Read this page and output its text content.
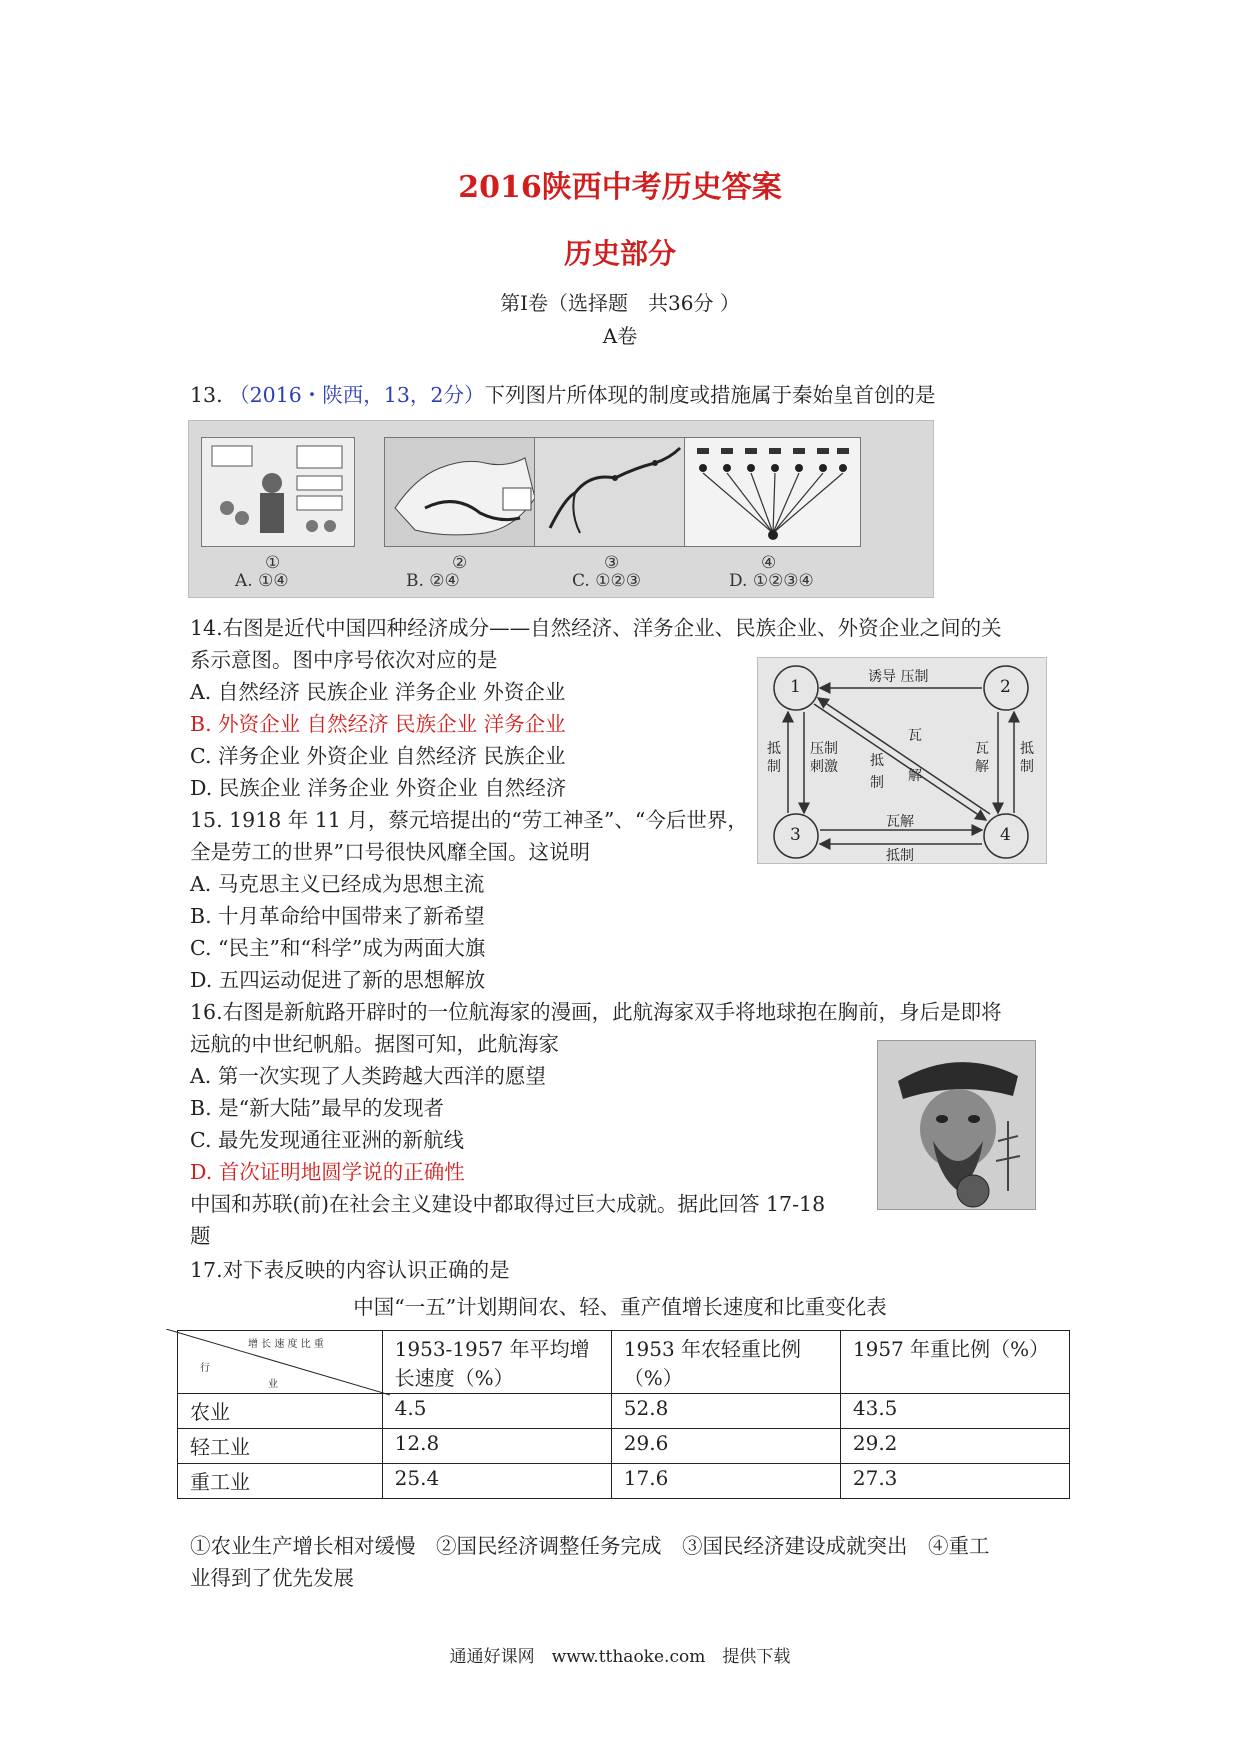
2016陕西中考历史答案
历史部分
第Ⅰ卷（选择题　共36分 ）
A卷
13. （2016・陕西，13，2分）下列图片所体现的制度或措施属于秦始皇首创的是
①	②	③	④
A. ①④	B. ②④	C. ①②③	D. ①②③④
14.右图是近代中国四种经济成分——自然经济、洋务企业、民族企业、外资企业之间的关
系示意图。图中序号依次对应的是
A. 自然经济 民族企业 洋务企业 外资企业
B. 外资企业 自然经济 民族企业 洋务企业
C. 洋务企业 外资企业 自然经济 民族企业
D. 民族企业 洋务企业 外资企业 自然经济
1	2
3	4
诱导 压制
抵制
压制刺激
瓦解
抵制
瓦解
抵制
瓦解
抵制
15. 1918 年 11 月，蔡元培提出的“劳工神圣”、“今后世界，
全是劳工的世界”口号很快风靡全国。这说明
A. 马克思主义已经成为思想主流
B. 十月革命给中国带来了新希望
C. “民主”和“科学”成为两面大旗
D. 五四运动促进了新的思想解放
16.右图是新航路开辟时的一位航海家的漫画，此航海家双手将地球抱在胸前，身后是即将
远航的中世纪帆船。据图可知，此航海家
A. 第一次实现了人类跨越大西洋的愿望
B. 是“新大陆”最早的发现者
C. 最先发现通往亚洲的新航线
D. 首次证明地圆学说的正确性
中国和苏联(前)在社会主义建设中都取得过巨大成就。据此回答 17-18
题
17.对下表反映的内容认识正确的是
中国“一五”计划期间农、轻、重产值增长速度和比重变化表
增 长 速 度 比 重
行
业	1953-1957 年平均增长速度（%）	1953 年农轻重比例（%）	1957 年重比例（%）
农业	4.5	52.8	43.5
轻工业	12.8	29.6	29.2
重工业	25.4	17.6	27.3
①农业生产增长相对缓慢　②国民经济调整任务完成　③国民经济建设成就突出　④重工
业得到了优先发展
通通好课网　www.tthaoke.com　提供下载
